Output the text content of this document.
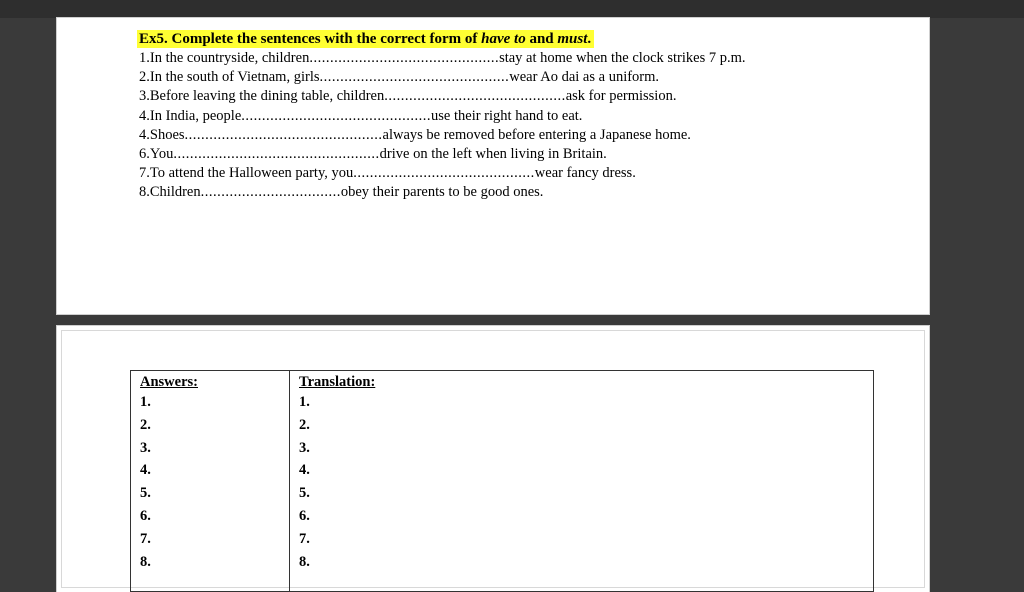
Ex5. Complete the sentences with the correct form of have to and must.
1.In the countryside, children..............................................stay at home when the clock strikes 7 p.m.
2.In the south of Vietnam, girls..............................................wear Ao dai as a uniform.
3.Before leaving the dining table, children............................................ask for permission.
4.In India, people..............................................use their right hand to eat.
4.Shoes................................................always be removed before entering a Japanese home.
6.You..................................................drive on the left when living in Britain.
7.To attend the Halloween party, you............................................wear fancy dress.
8.Children..................................obey their parents to be good ones.
Answers:
1.
2.
3.
4.
5.
6.
7.
8.

Translation:
1.
2.
3.
4.
5.
6.
7.
8.
